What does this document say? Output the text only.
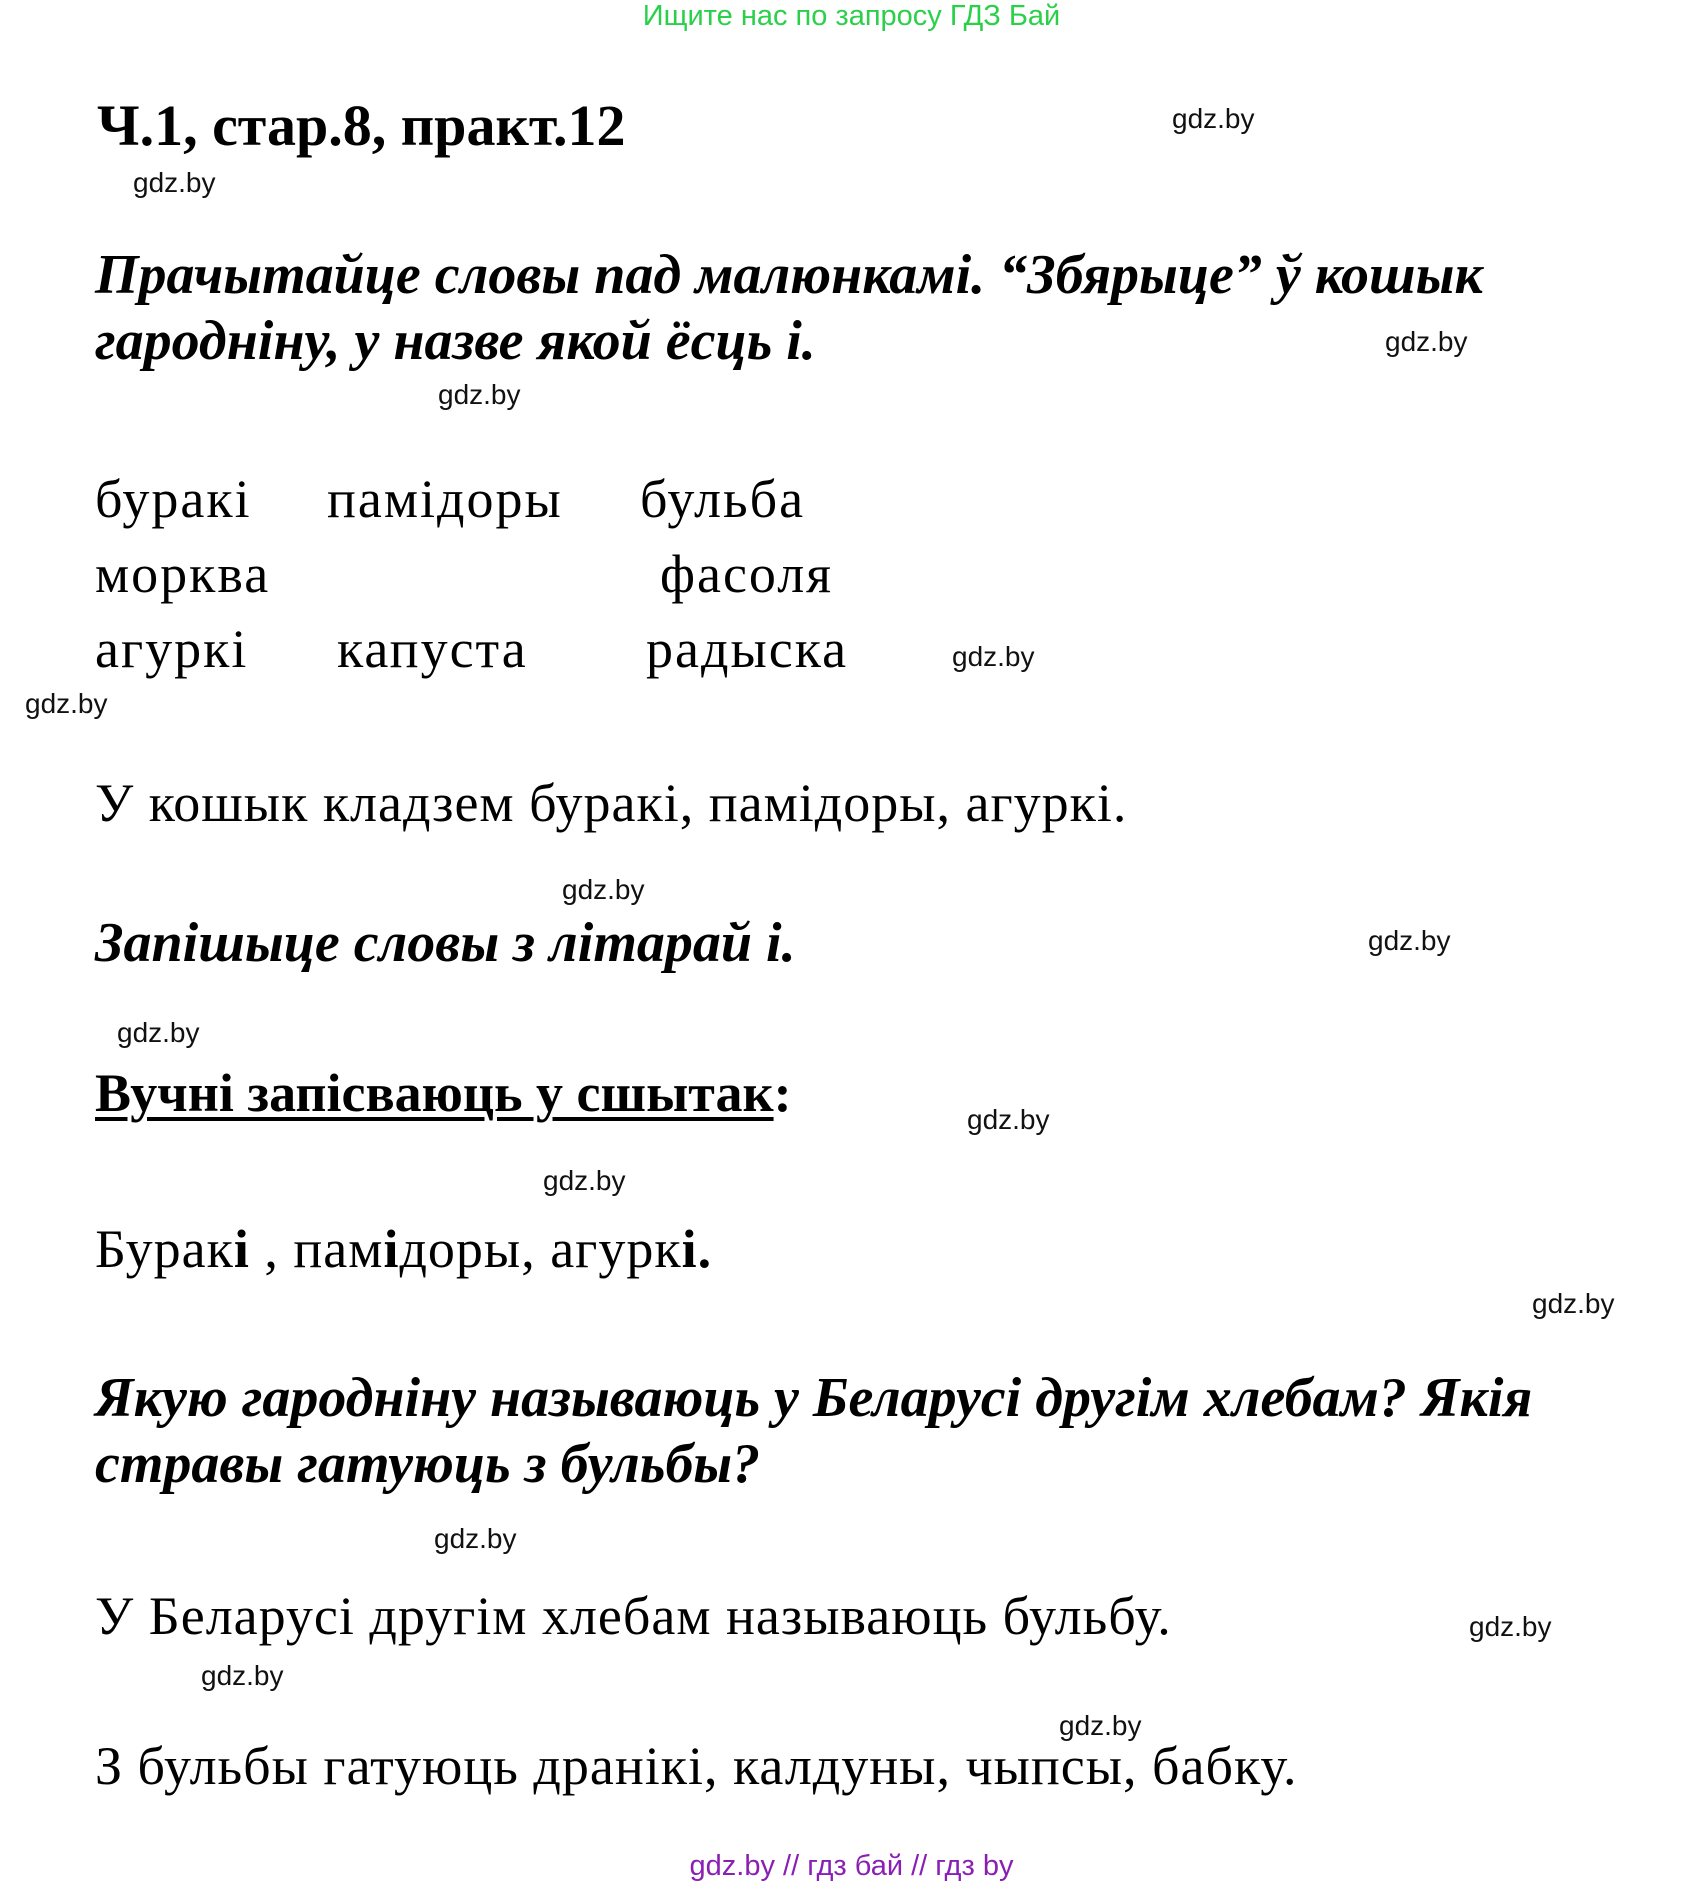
Ищите нас по запросу ГДЗ Бай
Ч.1, стар.8, практ.12
Прачытайце словы пад малюнкамі. “Збярыце” ў кошык
гародніну, у назве якой ёсць і.
буракі памідоры бульба
морква	фасоля
агуркі капуста радыска
У кошык кладзем буракі, памідоры, агуркі.
Запішыце словы з літарай і.
Вучні запісваюць у сшытак:
Буракі , памідоры, агуркі.
Якую гародніну называюць у Беларусі другім хлебам? Якія
стравы гатуюць з бульбы?
У Беларусі другім хлебам называюць бульбу.
З бульбы гатуюць дранікі, калдуны, чыпсы, бабку.
gdz.by
gdz.by
gdz.by
gdz.by
gdz.by
gdz.by
gdz.by
gdz.by
gdz.by
gdz.by
gdz.by
gdz.by
gdz.by
gdz.by
gdz.by
gdz.by
gdz.by // гдз бай // гдз by
